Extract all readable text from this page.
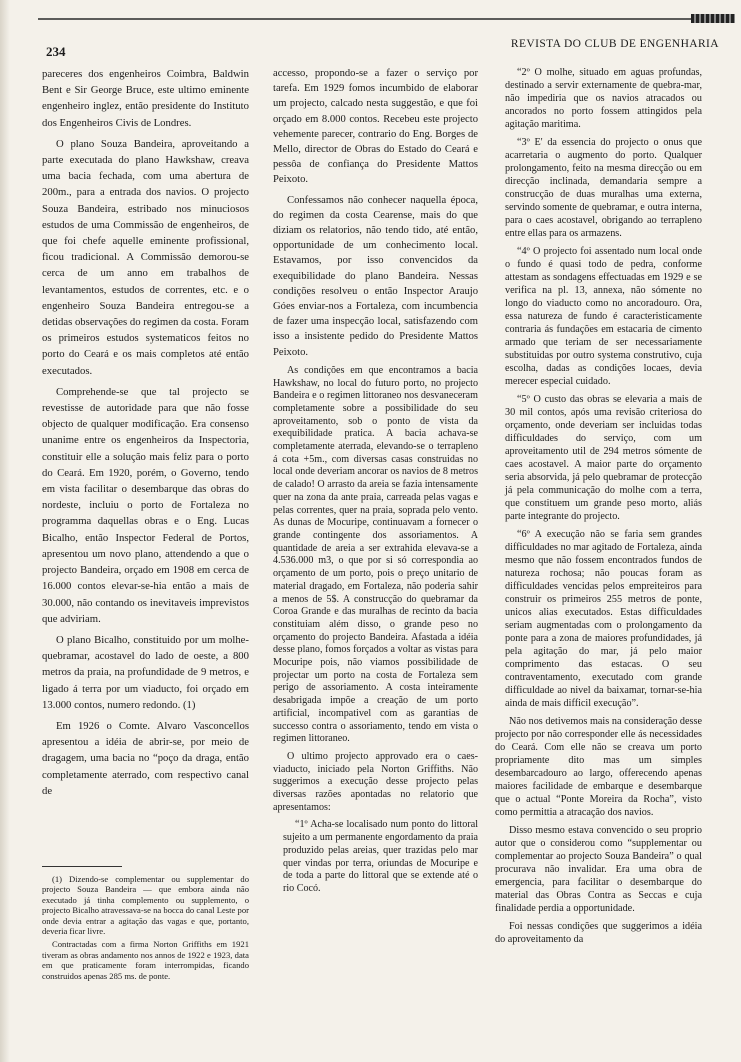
234	REVISTA DO CLUB DE ENGENHARIA

pareceres dos engenheiros Coimbra, Baldwin Bent e Sir George Bruce, este ultimo eminente engenheiro inglez, então presidente do Instituto dos Engenheiros Civis de Londres.

O plano Souza Bandeira, aproveitando a parte executada do plano Hawkshaw, creava uma bacia fechada, com uma abertura de 200m., para a entrada dos navios. O projecto Souza Bandeira, estribado nos minuciosos estudos de uma Commissão de engenheiros, de que foi chefe aquelle eminente profissional, ficou tradicional. A Commissão demorou-se cerca de um anno em trabalhos de levantamentos, estudos de correntes, etc. e o engenheiro Souza Bandeira entregou-se a detidas observações do regimen da costa. Foram os primeiros estudos systematicos feitos no porto do Ceará e os mais completos até então executados.

Comprehende-se que tal projecto se revestisse de autoridade para que não fosse objecto de qualquer modificação. Era consenso unanime entre os engenheiros da Inspectoria, constituir elle a solução mais feliz para o porto do Ceará. Em 1920, porém, o Governo, tendo em vista facilitar o desembarque das obras do nordeste, incluiu o porto de Fortaleza no programma daquellas obras e o Eng. Lucas Bicalho, então Inspector Federal de Portos, apresentou um novo plano, attendendo a que o projecto Bandeira, orçado em 1908 em cerca de 16.000 contos elevar-se-hia então a mais de 30.000, não contando os inevitaveis imprevistos que adviriam.

O plano Bicalho, constituido por um molhe-quebramar, acostavel do lado de oeste, a 800 metros da praia, na profundidade de 9 metros, e ligado á terra por um viaducto, foi orçado em 13.000 contos, numero redondo. (1)

Em 1926 o Comte. Alvaro Vasconcellos apresentou a idéia de abrir-se, por meio de dragagem, uma bacia no “poço da draga, então completamente aterrado, com respectivo canal de

(1) Dizendo-se complementar ou supplementar do projecto Souza Bandeira — que embora ainda não executado já tinha complemento ou supplemento, o projecto Bicalho atravessava-se na bocca do canal Leste por onde devia entrar a agitação das vagas e que, portanto, deveria ficar livre.

Contractadas com a firma Norton Griffiths em 1921 tiveram as obras andamento nos annos de 1922 e 1923, data em que praticamente foram interrompidas, ficando construidos apenas 285 ms. de ponte.

accesso, propondo-se a fazer o serviço por tarefa. Em 1929 fomos incumbido de elaborar um projecto, calcado nesta suggestão, e que foi orçado em 8.000 contos. Recebeu este projecto vehemente parecer, contrario do Eng. Borges de Mello, director de Obras do Estado do Ceará e pessôa de confiança do Presidente Mattos Peixoto.

Confessamos não conhecer naquella época, do regimen da costa Cearense, mais do que diziam os relatorios, não tendo tido, até então, opportunidade de um conhecimento local. Estavamos, por isso convencidos da exequibilidade do plano Bandeira. Nessas condições resolveu o então Inspector Araujo Góes enviar-nos a Fortaleza, com incumbencia de fazer uma inspecção local, satisfazendo com isso a insistente pedido do Presidente Mattos Peixoto.

As condições em que encontramos a bacia Hawkshaw, no local do futuro porto, no projecto Bandeira e o regimen littoraneo nos desvaneceram completamente sobre a possibilidade do seu aproveitamento, sob o ponto de vista da exequibilidade pratica. A bacia achava-se completamente aterrada, elevando-se o terrapleno á cota +5m., com diversas casas construidas no local onde deveriam ancorar os navios de 8 metros de calado! O arrasto da areia se fazia intensamente quer na zona da ante praia, carreada pelas vagas e pelas correntes, quer na praia, soprada pelo vento. As dunas de Mocuripe, continuavam a fornecer o grande contingente dos assoriamentos. A quantidade de areia a ser extrahida elevava-se a 4.536.000 m3, o que por si só correspondia ao orçamento de um porto, pois o preço unitario de material dragado, em Fortaleza, não poderia sahir a menos de 5$. A construcção do quebramar da Coroa Grande e das muralhas de recinto da bacia constituiam além disso, o grande peso no orçamento do projecto Bandeira. Afastada a idéia desse plano, fomos forçados a voltar as vistas para Mocuripe pois, não viamos possibilidade de projectar um porto na costa de Fortaleza sem perigo de assoriamento. A costa inteiramente desabrigada impõe a creação de um porto artificial, incompativel com as garantias de successo contra o assoriamento, tendo em vista o regimen littoraneo.

O ultimo projecto approvado era o caes-viaducto, iniciado pela Norton Griffiths. Não suggerimos a execução desse projecto pelas diversas razões apontadas no relatorio que apresentamos:

“1º Acha-se localisado num ponto do littoral sujeito a um permanente engordamento da praia produzido pelas areias, quer trazidas pelo mar quer vindas por terra, oriundas de Mocuripe e de toda a parte do littoral que se extende até o rio Cocó.

“2º O molhe, situado em aguas profundas, destinado a servir externamente de quebra-mar, não impediria que os navios atracados ou ancorados no porto fossem attingidos pela agitação maritima.

“3º E' da essencia do projecto o onus que acarretaria o augmento do porto. Qualquer prolongamento, feito na mesma direcção ou em direcção inclinada, demandaria sempre a construcção de duas muralhas uma externa, servindo somente de quebramar, e outra interna, para o caes acostavel, obrigando ao terrapleno entre ellas para os armazens.

“4º O projecto foi assentado num local onde o fundo é quasi todo de pedra, conforme attestam as sondagens effectuadas em 1929 e se verifica na pl. 13, annexa, não sómente no longo do viaducto como no ancoradouro. Ora, essa natureza de fundo é caracteristicamente contraria ás fundações em estacaria de cimento armado que teriam de ser necessariamente substituidas por outro systema construtivo, cuja escolha, dadas as condições locaes, devia merecer especial cuidado.

“5º O custo das obras se elevaria a mais de 30 mil contos, após uma revisão criteriosa do orçamento, onde deveriam ser incluidas todas difficuldades do serviço, com um aproveitamento util de 294 metros sómente de caes acostavel. A maior parte do orçamento seria absorvida, já pelo quebramar de protecção já pela communicação do molhe com a terra, que constituem um grande peso morto, aliás parte integrante do projecto.

“6º A execução não se faria sem grandes difficuldades no mar agitado de Fortaleza, ainda mesmo que não fossem encontrados fundos de natureza rochosa; não poucas foram as difficuldades vencidas pelos empreiteiros para construir os primeiros 255 metros de ponte, unicos alias executados. Estas difficuldades seriam augmentadas com o prolongamento da ponte para a zona de maiores profundidades, já pela agitação do mar, já pelo maior comprimento das estacas. O seu contraventamento, executado com grande difficuldade ao nivel da baixamar, tornar-se-hia ainda de mais difficil execução”.

Não nos detivemos mais na consideração desse projecto por não corresponder elle ás necessidades do Ceará. Com elle não se creava um porto propriamente dito mas um simples desembarcadouro ao largo, offerecendo apenas maiores facilidade de embarque e desembarque que o actual “Ponte Moreira da Rocha”, visto como permittia a atracação dos navios.

Disso mesmo estava convencido o seu proprio autor que o considerou como “supplementar ou complementar ao projecto Souza Bandeira” o qual procurava não invalidar. Era uma obra de emergencia, para facilitar o desembarque do material das Obras Contra as Seccas e cuja finalidade perdia a opportunidade.

Foi nessas condições que suggerimos a idéia do aproveitamento da
